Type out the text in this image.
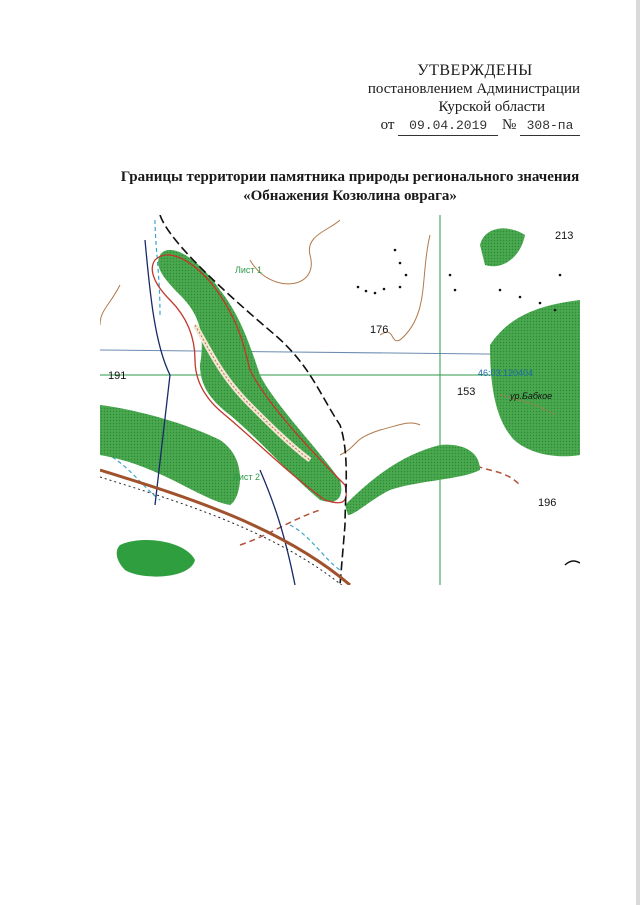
УТВЕРЖДЕНЫ
постановлением Администрации
Курской области
от 09.04.2019 № 308-па
Границы территории памятника природы регионального значения
«Обнажения Козюлина оврага»
Лист 1
Лист 2
213
176
191
153
196
46:03:120404
ур.Бабкое
